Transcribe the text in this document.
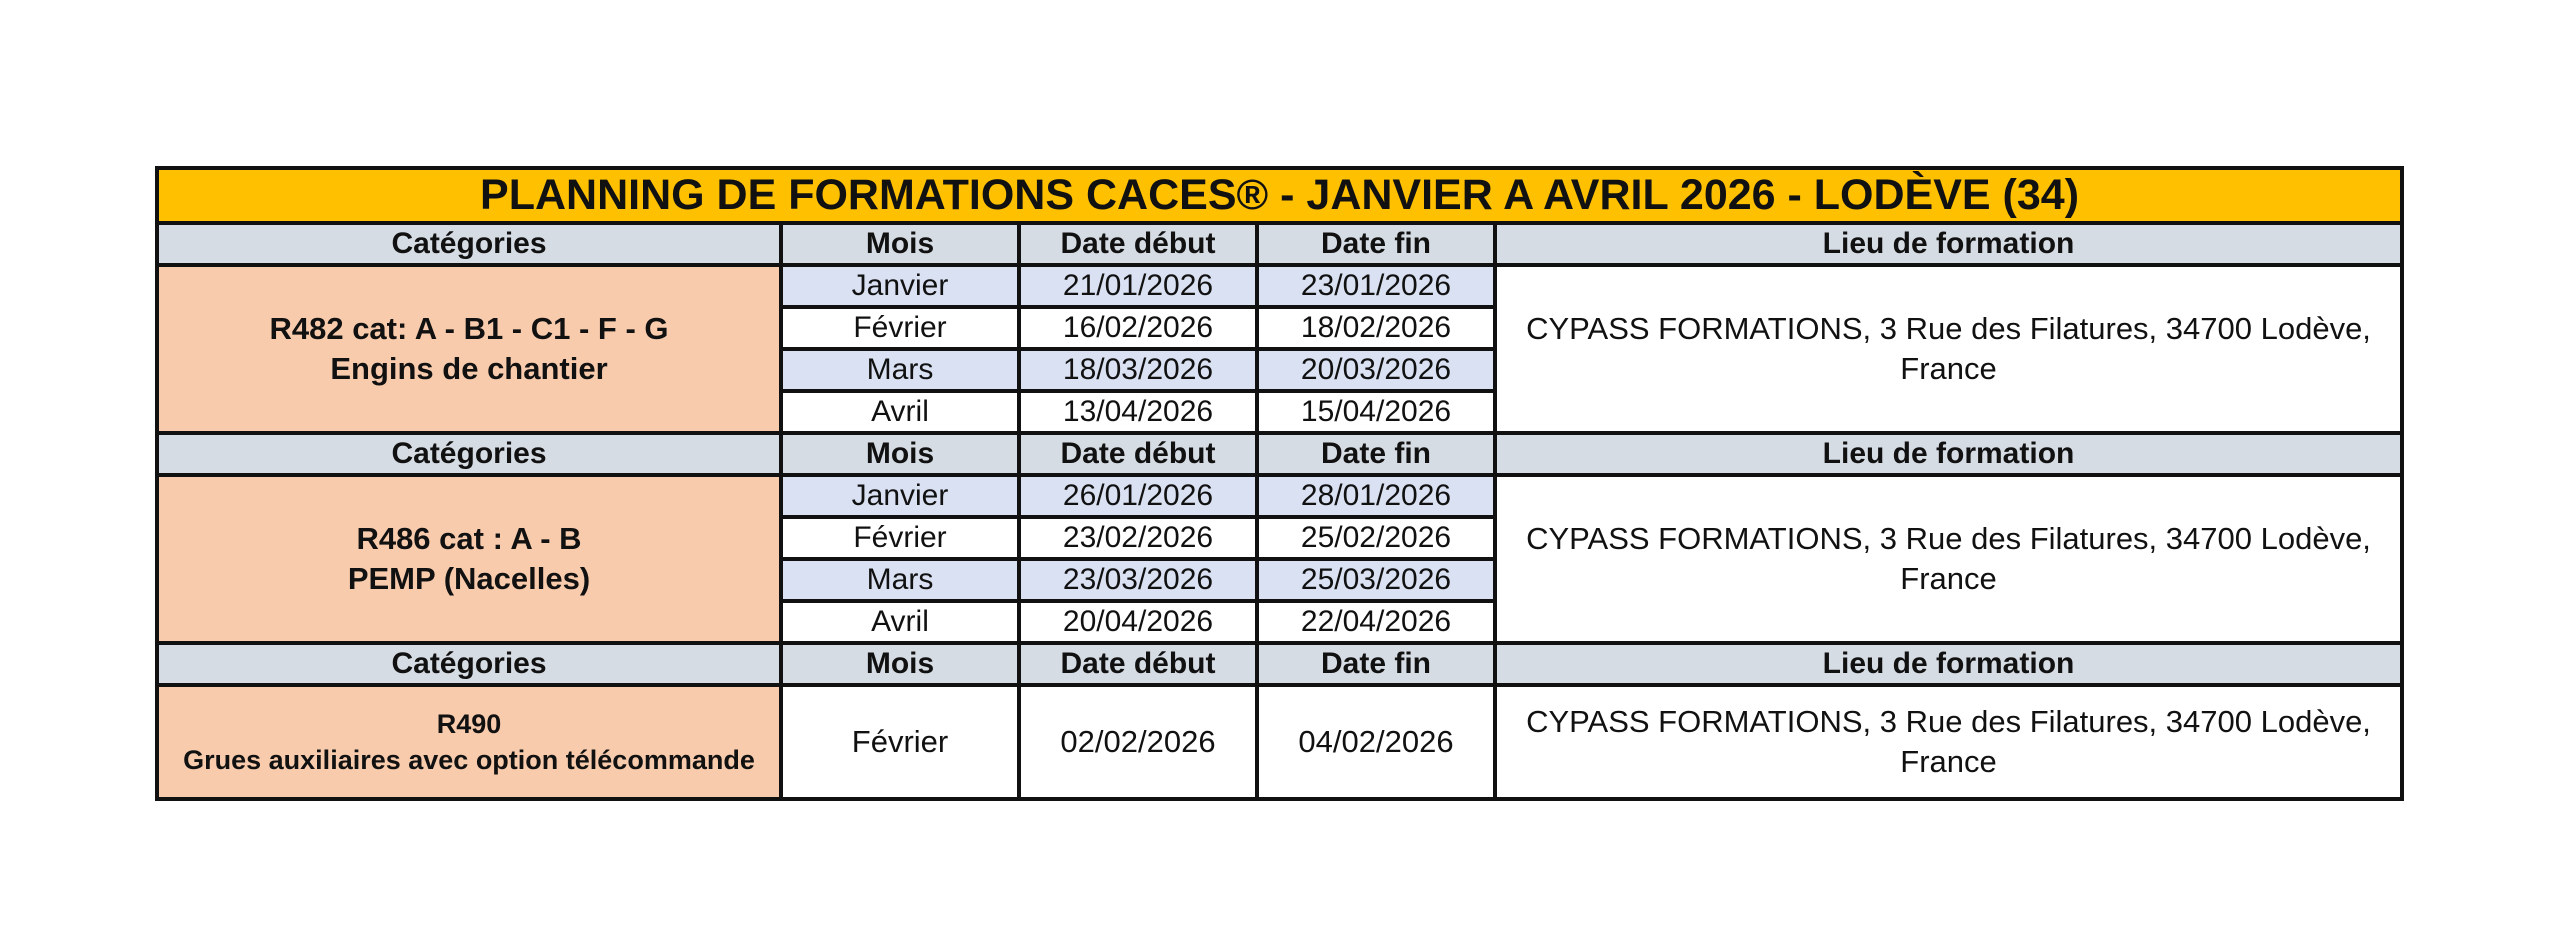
PLANNING DE FORMATIONS CACES® - JANVIER A AVRIL 2026 - LODÈVE (34)				
Catégories	Mois	Date début	Date fin	Lieu de formation

R482 cat: A - B1 - C1 - F - G
Engins de chantier	Janvier	21/01/2026	23/01/2026	CYPASS FORMATIONS, 3 Rue des Filatures, 34700 Lodève, France
	Février	16/02/2026	18/02/2026	
	Mars	18/03/2026	20/03/2026	
	Avril	13/04/2026	15/04/2026	
Catégories	Mois	Date début	Date fin	Lieu de formation

R486 cat : A - B
PEMP (Nacelles)	Janvier	26/01/2026	28/01/2026	CYPASS FORMATIONS, 3 Rue des Filatures, 34700 Lodève, France
	Février	23/02/2026	25/02/2026	
	Mars	23/03/2026	25/03/2026	
	Avril	20/04/2026	22/04/2026	
Catégories	Mois	Date début	Date fin	Lieu de formation

R490
Grues auxiliaires avec option télécommande	Février	02/02/2026	04/02/2026	CYPASS FORMATIONS, 3 Rue des Filatures, 34700 Lodève, France
